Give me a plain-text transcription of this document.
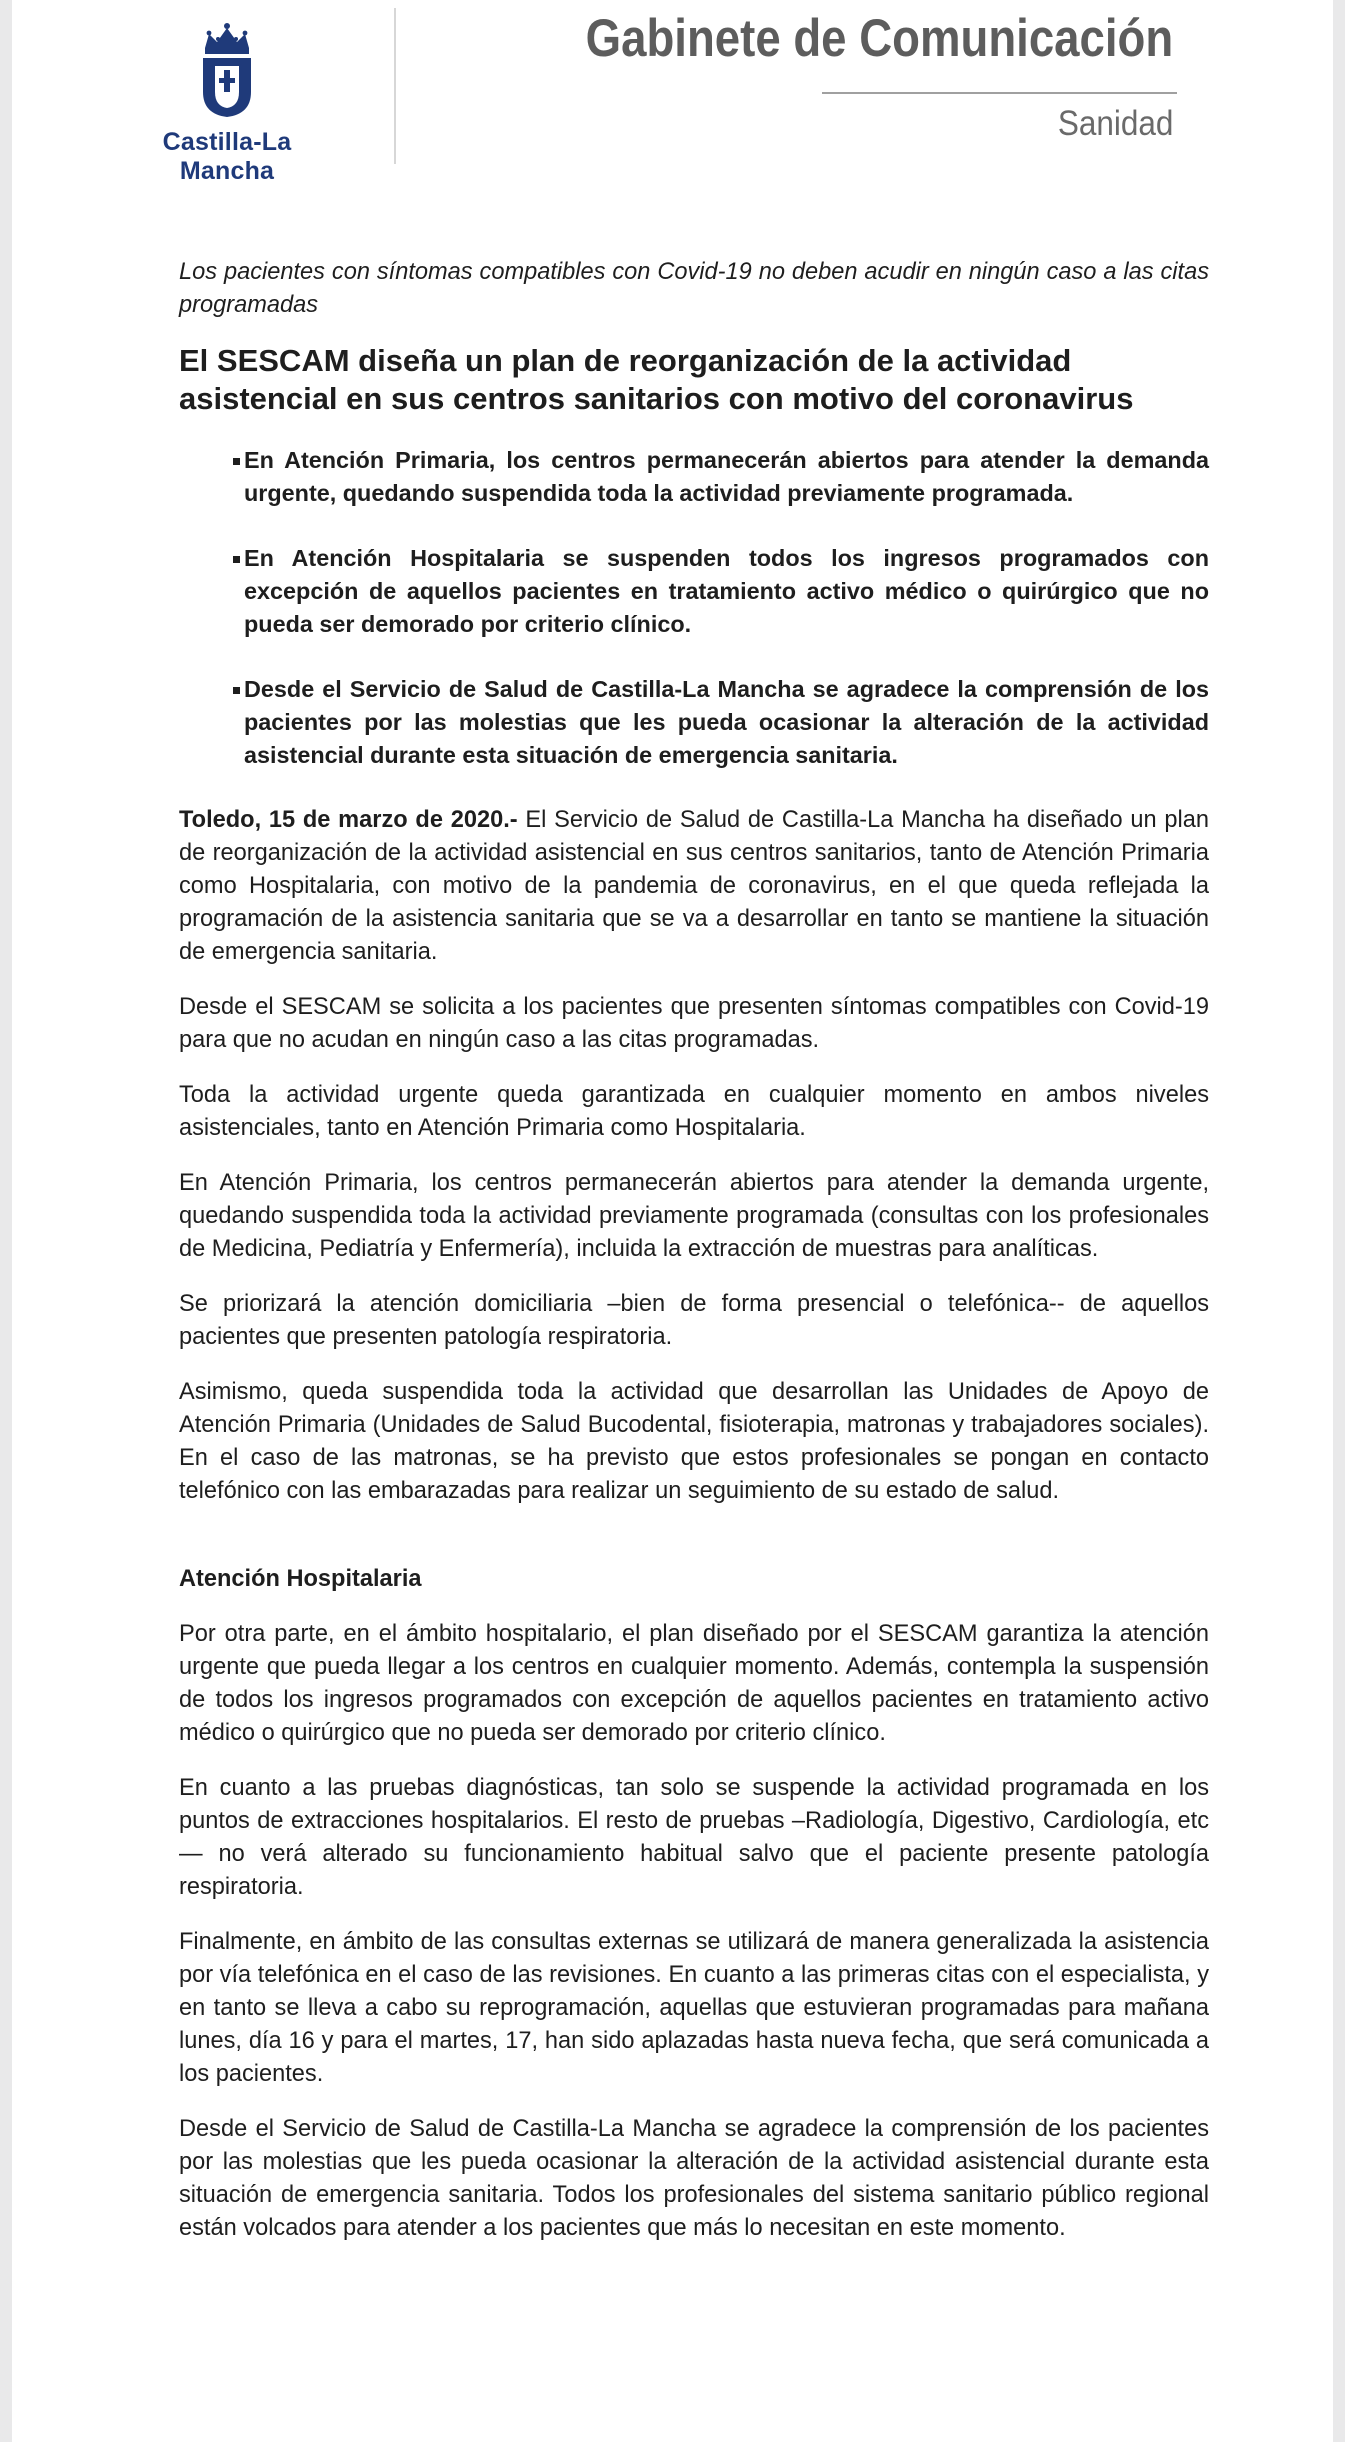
Castilla-La Mancha
Gabinete de Comunicación
Sanidad

Los pacientes con síntomas compatibles con Covid-19 no deben acudir en ningún caso a las citas programadas

El SESCAM diseña un plan de reorganización de la actividad asistencial en sus centros sanitarios con motivo del coronavirus

En Atención Primaria, los centros permanecerán abiertos para atender la demanda urgente, quedando suspendida toda la actividad previamente programada.

En Atención Hospitalaria se suspenden todos los ingresos programados con excepción de aquellos pacientes en tratamiento activo médico o quirúrgico que no pueda ser demorado por criterio clínico.

Desde el Servicio de Salud de Castilla-La Mancha se agradece la comprensión de los pacientes por las molestias que les pueda ocasionar la alteración de la actividad asistencial durante esta situación de emergencia sanitaria.

Toledo, 15 de marzo de 2020.- El Servicio de Salud de Castilla-La Mancha ha diseñado un plan de reorganización de la actividad asistencial en sus centros sanitarios, tanto de Atención Primaria como Hospitalaria, con motivo de la pandemia de coronavirus, en el que queda reflejada la programación de la asistencia sanitaria que se va a desarrollar en tanto se mantiene la situación de emergencia sanitaria.

Desde el SESCAM se solicita a los pacientes que presenten síntomas compatibles con Covid-19 para que no acudan en ningún caso a las citas programadas.

Toda la actividad urgente queda garantizada en cualquier momento en ambos niveles asistenciales, tanto en Atención Primaria como Hospitalaria.

En Atención Primaria, los centros permanecerán abiertos para atender la demanda urgente, quedando suspendida toda la actividad previamente programada (consultas con los profesionales de Medicina, Pediatría y Enfermería), incluida la extracción de muestras para analíticas.

Se priorizará la atención domiciliaria –bien de forma presencial o telefónica-- de aquellos pacientes que presenten patología respiratoria.

Asimismo, queda suspendida toda la actividad que desarrollan las Unidades de Apoyo de Atención Primaria (Unidades de Salud Bucodental, fisioterapia, matronas y trabajadores sociales). En el caso de las matronas, se ha previsto que estos profesionales se pongan en contacto telefónico con las embarazadas para realizar un seguimiento de su estado de salud.

Atención Hospitalaria

Por otra parte, en el ámbito hospitalario, el plan diseñado por el SESCAM garantiza la atención urgente que pueda llegar a los centros en cualquier momento. Además, contempla la suspensión de todos los ingresos programados con excepción de aquellos pacientes en tratamiento activo médico o quirúrgico que no pueda ser demorado por criterio clínico.

En cuanto a las pruebas diagnósticas, tan solo se suspende la actividad programada en los puntos de extracciones hospitalarios. El resto de pruebas –Radiología, Digestivo, Cardiología, etc— no verá alterado su funcionamiento habitual salvo que el paciente presente patología respiratoria.

Finalmente, en ámbito de las consultas externas se utilizará de manera generalizada la asistencia por vía telefónica en el caso de las revisiones. En cuanto a las primeras citas con el especialista, y en tanto se lleva a cabo su reprogramación, aquellas que estuvieran programadas para mañana lunes, día 16 y para el martes, 17, han sido aplazadas hasta nueva fecha, que será comunicada a los pacientes.

Desde el Servicio de Salud de Castilla-La Mancha se agradece la comprensión de los pacientes por las molestias que les pueda ocasionar la alteración de la actividad asistencial durante esta situación de emergencia sanitaria. Todos los profesionales del sistema sanitario público regional están volcados para atender a los pacientes que más lo necesitan en este momento.
